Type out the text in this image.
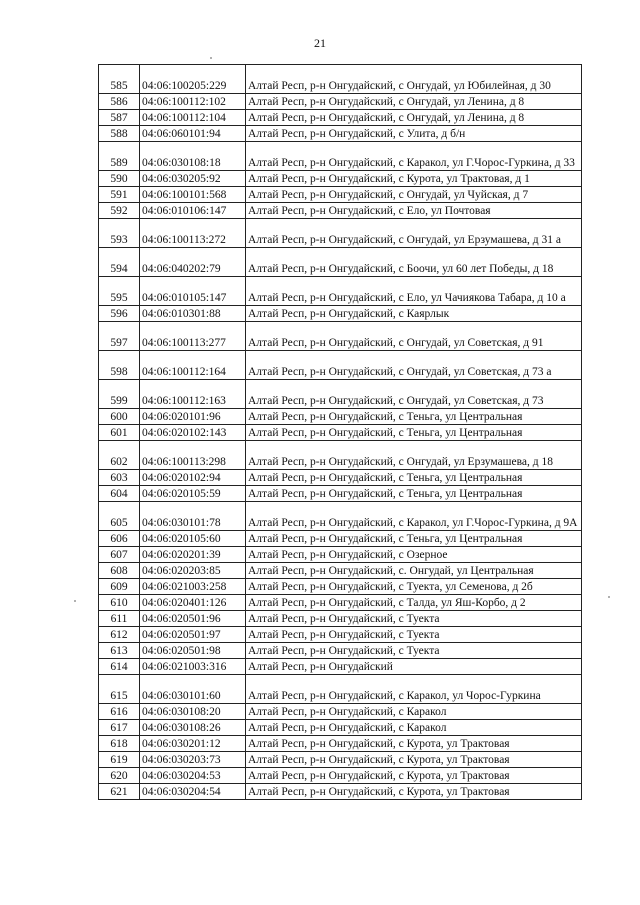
21
585	04:06:100205:229	Алтай Респ, р-н Онгудайский, с Онгудай, ул Юбилейная, д 30
586	04:06:100112:102	Алтай Респ, р-н Онгудайский, с Онгудай, ул Ленина, д 8
587	04:06:100112:104	Алтай Респ, р-н Онгудайский, с Онгудай, ул Ленина, д 8
588	04:06:060101:94	Алтай Респ, р-н Онгудайский, с Улита, д б/н
589	04:06:030108:18	Алтай Респ, р-н Онгудайский, с Каракол, ул Г.Чорос-Гуркина, д 33
590	04:06:030205:92	Алтай Респ, р-н Онгудайский, с Курота, ул Трактовая, д 1
591	04:06:100101:568	Алтай Респ, р-н Онгудайский, с Онгудай, ул Чуйская, д 7
592	04:06:010106:147	Алтай Респ, р-н Онгудайский, с Ело, ул Почтовая
593	04:06:100113:272	Алтай Респ, р-н Онгудайский, с Онгудай, ул Ерзумашева, д 31 а
594	04:06:040202:79	Алтай Респ, р-н Онгудайский, с Боочи, ул 60 лет Победы, д 18
595	04:06:010105:147	Алтай Респ, р-н Онгудайский, с Ело, ул Чачиякова Табара, д 10 а
596	04:06:010301:88	Алтай Респ, р-н Онгудайский, с Каярлык
597	04:06:100113:277	Алтай Респ, р-н Онгудайский, с Онгудай, ул Советская, д 91
598	04:06:100112:164	Алтай Респ, р-н Онгудайский, с Онгудай, ул Советская, д 73 а
599	04:06:100112:163	Алтай Респ, р-н Онгудайский, с Онгудай, ул Советская, д 73
600	04:06:020101:96	Алтай Респ, р-н Онгудайский, с Теньга, ул Центральная
601	04:06:020102:143	Алтай Респ, р-н Онгудайский, с Теньга, ул Центральная
602	04:06:100113:298	Алтай Респ, р-н Онгудайский, с Онгудай, ул Ерзумашева, д 18
603	04:06:020102:94	Алтай Респ, р-н Онгудайский, с Теньга, ул Центральная
604	04:06:020105:59	Алтай Респ, р-н Онгудайский, с Теньга, ул Центральная
605	04:06:030101:78	Алтай Респ, р-н Онгудайский, с Каракол, ул Г.Чорос-Гуркина, д 9А
606	04:06:020105:60	Алтай Респ, р-н Онгудайский, с Теньга, ул Центральная
607	04:06:020201:39	Алтай Респ, р-н Онгудайский, с Озерное
608	04:06:020203:85	Алтай Респ, р-н Онгудайский, с. Онгудай, ул Центральная
609	04:06:021003:258	Алтай Респ, р-н Онгудайский, с Туекта, ул Семенова, д 2б
610	04:06:020401:126	Алтай Респ, р-н Онгудайский, с Талда, ул Яш-Корбо, д 2
611	04:06:020501:96	Алтай Респ, р-н Онгудайский, с Туекта
612	04:06:020501:97	Алтай Респ, р-н Онгудайский, с Туекта
613	04:06:020501:98	Алтай Респ, р-н Онгудайский, с Туекта
614	04:06:021003:316	Алтай Респ, р-н Онгудайский
615	04:06:030101:60	Алтай Респ, р-н Онгудайский, с Каракол, ул Чорос-Гуркина
616	04:06:030108:20	Алтай Респ, р-н Онгудайский, с Каракол
617	04:06:030108:26	Алтай Респ, р-н Онгудайский, с Каракол
618	04:06:030201:12	Алтай Респ, р-н Онгудайский, с Курота, ул Трактовая
619	04:06:030203:73	Алтай Респ, р-н Онгудайский, с Курота, ул Трактовая
620	04:06:030204:53	Алтай Респ, р-н Онгудайский, с Курота, ул Трактовая
621	04:06:030204:54	Алтай Респ, р-н Онгудайский, с Курота, ул Трактовая
